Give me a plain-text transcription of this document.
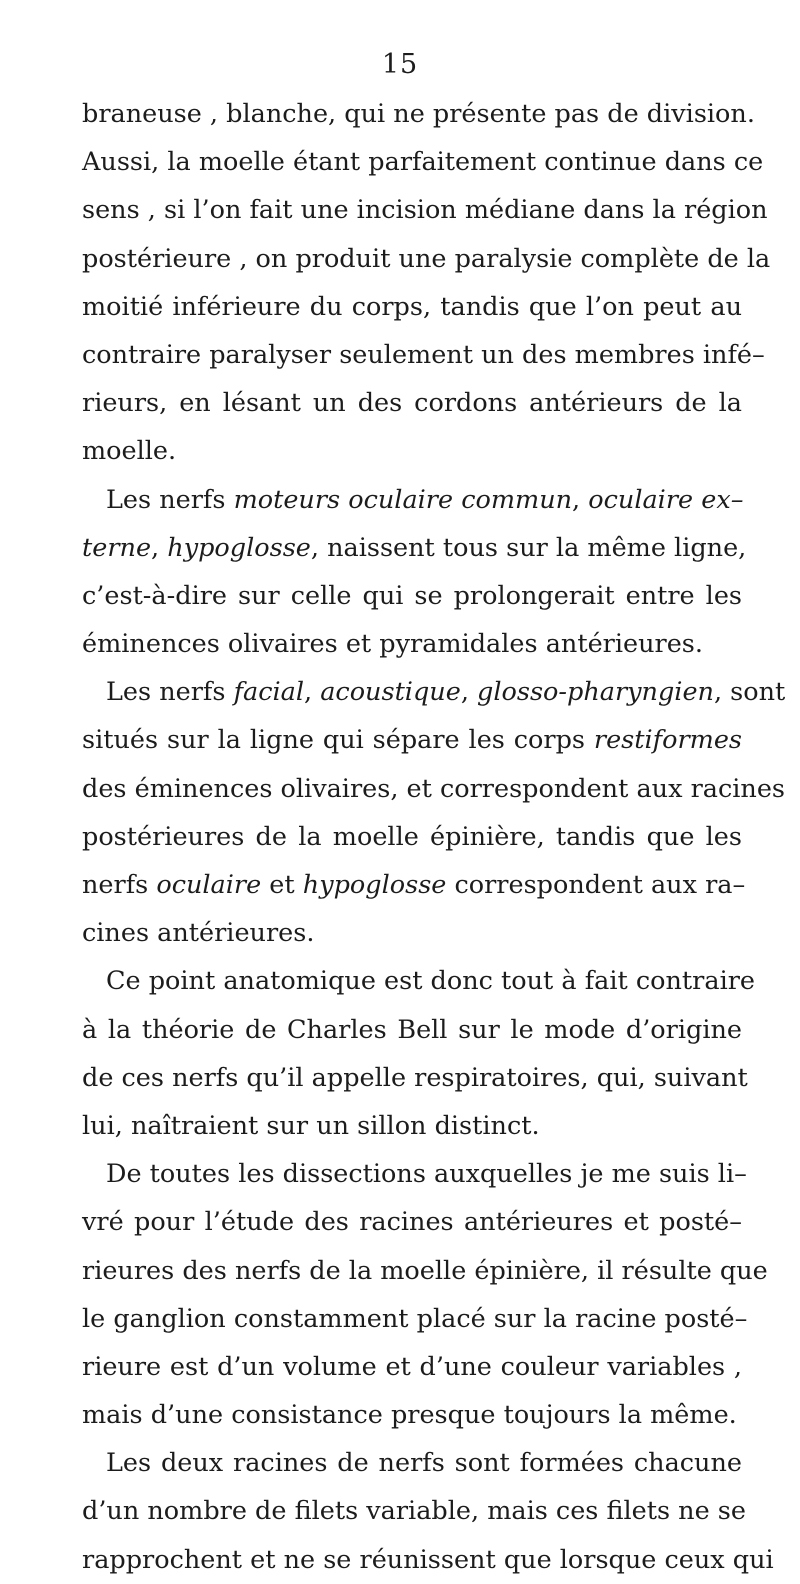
15
braneuse , blanche, qui ne présente pas de division.
Aussi, la moelle étant parfaitement continue dans ce
sens , si l’on fait une incision médiane dans la région
postérieure , on produit une paralysie complète de la
moitié inférieure du corps, tandis que l’on peut au
contraire paralyser seulement un des membres infé–
rieurs, en lésant un des cordons antérieurs de la
moelle.
Les nerfs moteurs oculaire commun, oculaire ex–
terne, hypoglosse, naissent tous sur la même ligne,
c’est-à-dire sur celle qui se prolongerait entre les
éminences olivaires et pyramidales antérieures.
Les nerfs facial, acoustique, glosso-pharyngien, sont
situés sur la ligne qui sépare les corps restiformes
des éminences olivaires, et correspondent aux racines
postérieures de la moelle épinière, tandis que les
nerfs oculaire et hypoglosse correspondent aux ra–
cines antérieures.
Ce point anatomique est donc tout à fait contraire
à la théorie de Charles Bell sur le mode d’origine
de ces nerfs qu’il appelle respiratoires, qui, suivant
lui, naîtraient sur un sillon distinct.
De toutes les dissections auxquelles je me suis li–
vré pour l’étude des racines antérieures et posté–
rieures des nerfs de la moelle épinière, il résulte que
le ganglion constamment placé sur la racine posté–
rieure est d’un volume et d’une couleur variables ,
mais d’une consistance presque toujours la même.
Les deux racines de nerfs sont formées chacune
d’un nombre de filets variable, mais ces filets ne se
rapprochent et ne se réunissent que lorsque ceux qui
